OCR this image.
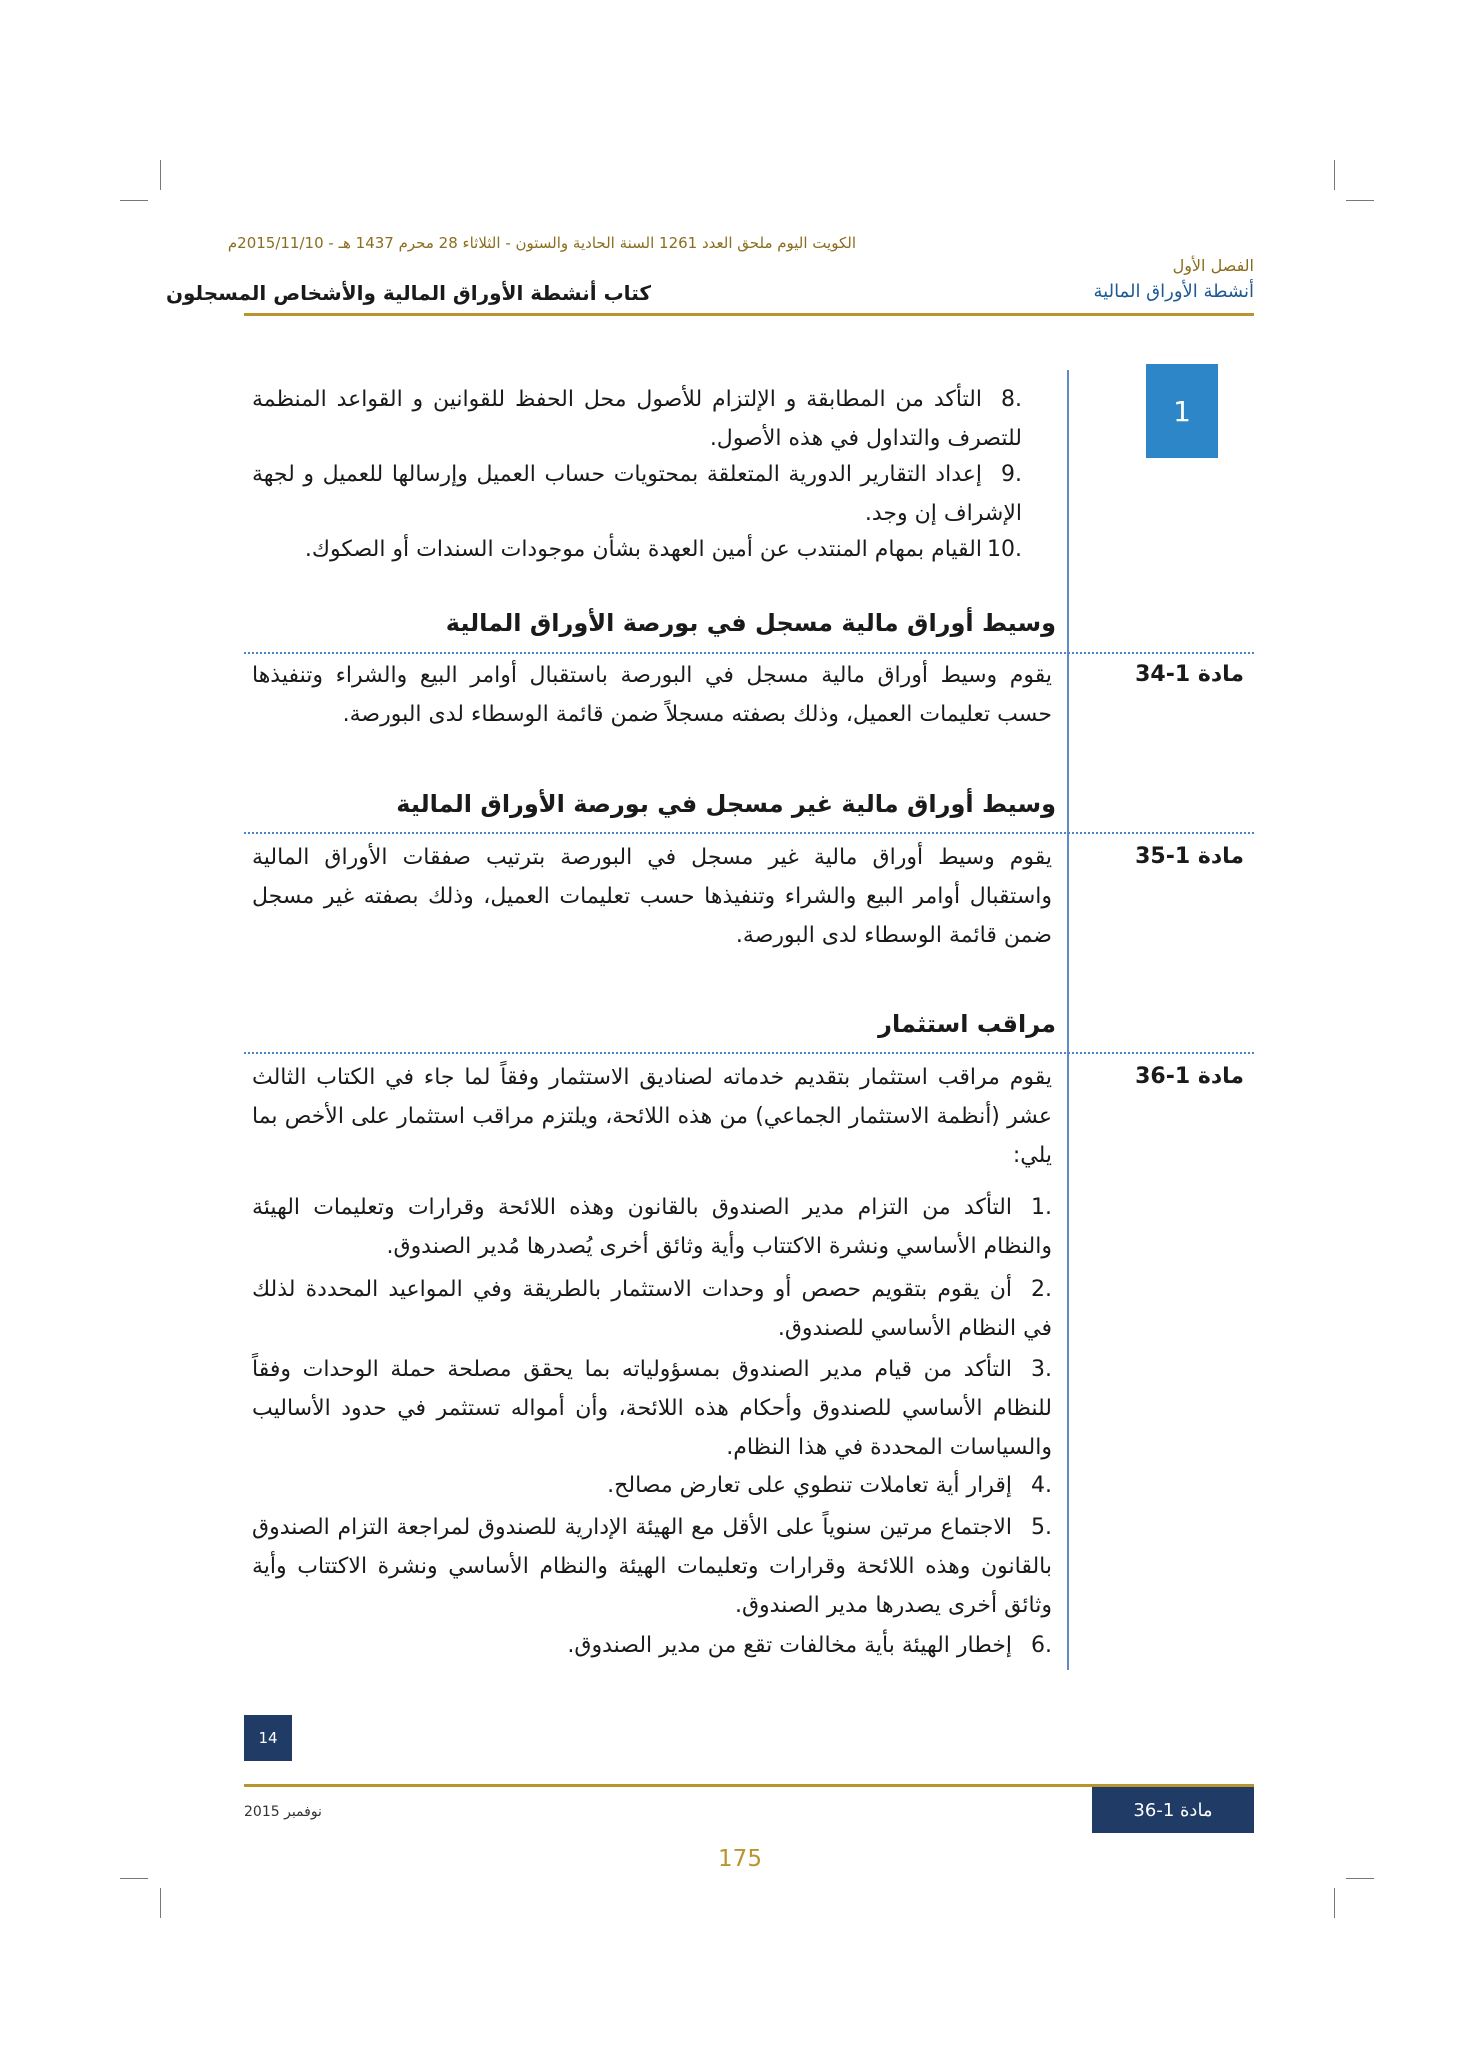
الكويت اليوم ملحق العدد 1261 السنة الحادية والستون - الثلاثاء 28 محرم 1437 هـ - 2015/11/10م
الفصل الأول
أنشطة الأوراق المالية
كتاب أنشطة الأوراق المالية والأشخاص المسجلون
1
.8التأكد من المطابقة و الإلتزام للأصول محل الحفظ للقوانين و القواعد المنظمة للتصرف والتداول في هذه الأصول.
.9إعداد التقارير الدورية المتعلقة بمحتويات حساب العميل وإرسالها للعميل و لجهة الإشراف إن وجد.
.10القيام بمهام المنتدب عن أمين العهدة بشأن موجودات السندات أو الصكوك.
وسيط أوراق مالية مسجل في بورصة الأوراق المالية
مادة 1-34
يقوم وسيط أوراق مالية مسجل في البورصة باستقبال أوامر البيع والشراء وتنفيذها حسب تعليمات العميل، وذلك بصفته مسجلاً ضمن قائمة الوسطاء لدى البورصة.
وسيط أوراق مالية غير مسجل في بورصة الأوراق المالية
مادة 1-35
يقوم وسيط أوراق مالية غير مسجل في البورصة بترتيب صفقات الأوراق المالية واستقبال أوامر البيع والشراء وتنفيذها حسب تعليمات العميل، وذلك بصفته غير مسجل ضمن قائمة الوسطاء لدى البورصة.
مراقب استثمار
مادة 1-36
يقوم مراقب استثمار بتقديم خدماته لصناديق الاستثمار وفقاً لما جاء في الكتاب الثالث عشر (أنظمة الاستثمار الجماعي) من هذه اللائحة، ويلتزم مراقب استثمار على الأخص بما يلي:
.1التأكد من التزام مدير الصندوق بالقانون وهذه اللائحة وقرارات وتعليمات الهيئة والنظام الأساسي ونشرة الاكتتاب وأية وثائق أخرى يُصدرها مُدير الصندوق.
.2أن يقوم بتقويم حصص أو وحدات الاستثمار بالطريقة وفي المواعيد المحددة لذلك في النظام الأساسي للصندوق.
.3التأكد من قيام مدير الصندوق بمسؤولياته بما يحقق مصلحة حملة الوحدات وفقاً للنظام الأساسي للصندوق وأحكام هذه اللائحة، وأن أمواله تستثمر في حدود الأساليب والسياسات المحددة في هذا النظام.
.4إقرار أية تعاملات تنطوي على تعارض مصالح.
.5الاجتماع مرتين سنوياً على الأقل مع الهيئة الإدارية للصندوق لمراجعة التزام الصندوق بالقانون وهذه اللائحة وقرارات وتعليمات الهيئة والنظام الأساسي ونشرة الاكتتاب وأية وثائق أخرى يصدرها مدير الصندوق.
.6إخطار الهيئة بأية مخالفات تقع من مدير الصندوق.
14
نوفمبر 2015	مادة 1-36
175
